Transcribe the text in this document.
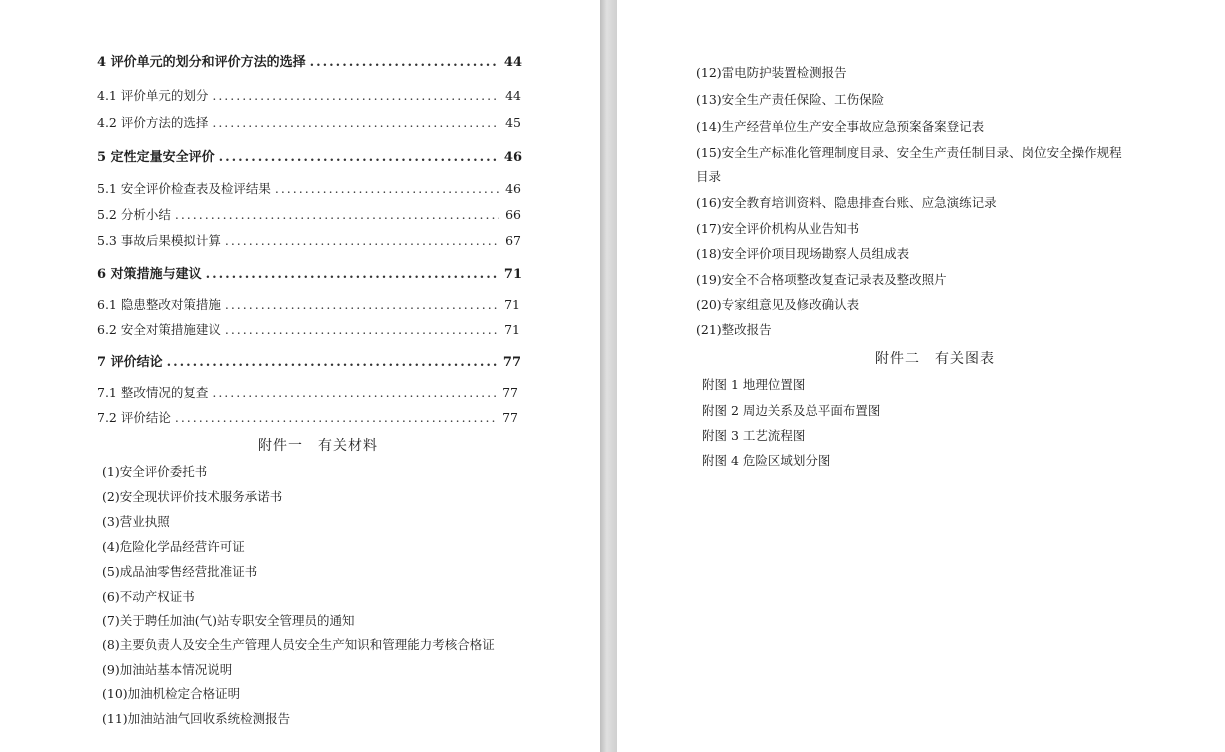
4 评价单元的划分和评价方法的选择 .....	44
4.1 评价单元的划分 .....	44
4.2 评价方法的选择 .....	45
5 定性定量安全评价 .....	46
5.1 安全评价检查表及检评结果 .....	46
5.2 分析小结 .....	66
5.3 事故后果模拟计算 .....	67
6 对策措施与建议 .....	71
6.1 隐患整改对策措施 .....	71
6.2 安全对策措施建议 .....	71
7 评价结论 .....	77
7.1 整改情况的复查 .....	77
7.2 评价结论 .....	77
附件一　有关材料
(1)安全评价委托书
(2)安全现状评价技术服务承诺书
(3)营业执照
(4)危险化学品经营许可证
(5)成品油零售经营批准证书
(6)不动产权证书
(7)关于聘任加油(气)站专职安全管理员的通知
(8)主要负责人及安全生产管理人员安全生产知识和管理能力考核合格证
(9)加油站基本情况说明
(10)加油机检定合格证明
(11)加油站油气回收系统检测报告
(12)雷电防护装置检测报告
(13)安全生产责任保险、工伤保险
(14)生产经营单位生产安全事故应急预案备案登记表
(15)安全生产标准化管理制度目录、安全生产责任制目录、岗位安全操作规程
目录
(16)安全教育培训资料、隐患排查台账、应急演练记录
(17)安全评价机构从业告知书
(18)安全评价项目现场勘察人员组成表
(19)安全不合格项整改复查记录表及整改照片
(20)专家组意见及修改确认表
(21)整改报告
附件二　有关图表
附图 1 地理位置图
附图 2 周边关系及总平面布置图
附图 3 工艺流程图
附图 4 危险区域划分图
